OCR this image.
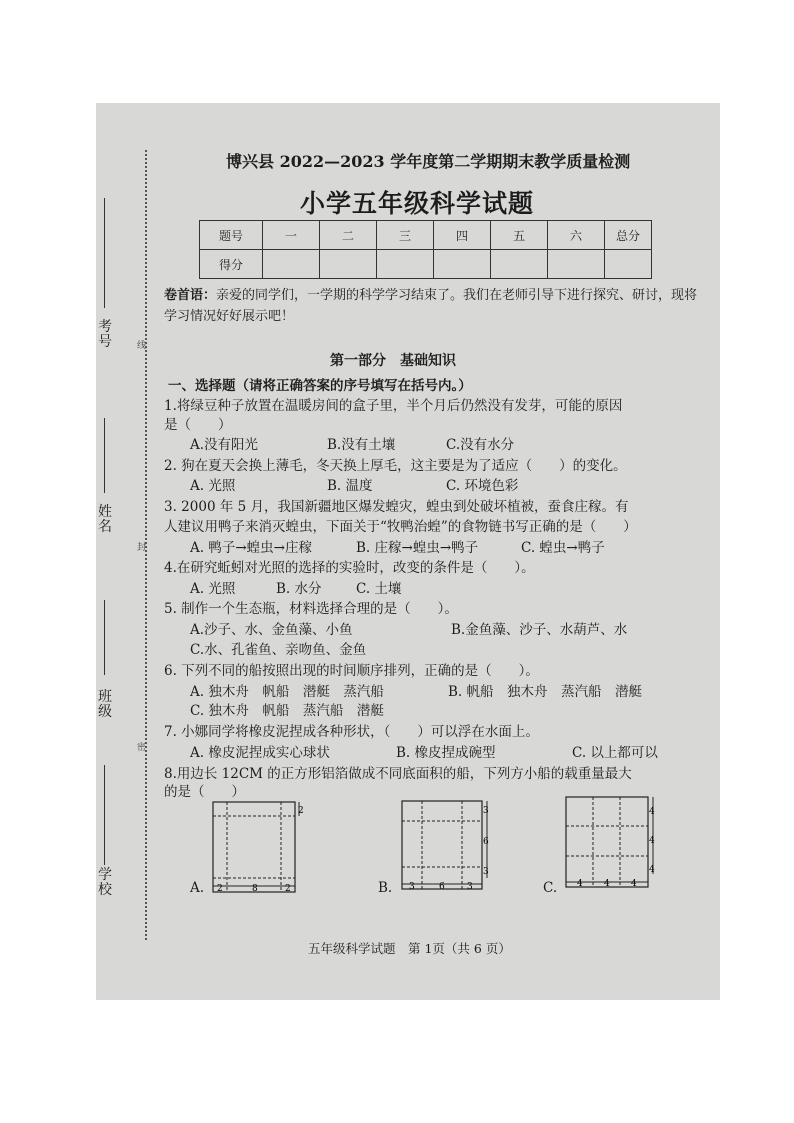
考号
姓名
班级
学校
线
封
密
博兴县 2022—2023 学年度第二学期期末教学质量检测
小学五年级科学试题
题号	一	二	三	四	五	六	总分
得分							
卷首语：亲爱的同学们，一学期的科学学习结束了。我们在老师引导下进行探究、研讨，现将学习情况好好展示吧！
第一部分　基础知识
一、选择题（请将正确答案的序号填写在括号内。）
1.将绿豆种子放置在温暖房间的盒子里，半个月后仍然没有发芽，可能的原因
是（　　）
A.没有阳光	B.没有土壤	C.没有水分
2. 狗在夏天会换上薄毛，冬天换上厚毛，这主要是为了适应（　　）的变化。
A. 光照	B. 温度	C. 环境色彩
3. 2000 年 5 月，我国新疆地区爆发蝗灾，蝗虫到处破坏植被，蚕食庄稼。有
人建议用鸭子来消灭蝗虫，下面关于“牧鸭治蝗”的食物链书写正确的是（　　）
A. 鸭子→蝗虫→庄稼	B. 庄稼→蝗虫→鸭子	C. 蝗虫→鸭子
4.在研究蚯蚓对光照的选择的实验时，改变的条件是（　　）。
A. 光照	B. 水分	C. 土壤
5. 制作一个生态瓶，材料选择合理的是（　　）。
A.沙子、水、金鱼藻、小鱼	B.金鱼藻、沙子、水葫芦、水
C.水、孔雀鱼、亲吻鱼、金鱼
6. 下列不同的船按照出现的时间顺序排列，正确的是（　　）。
A. 独木舟　帆船　潜艇　蒸汽船	B. 帆船　独木舟　蒸汽船　潜艇
C. 独木舟　帆船　蒸汽船　潜艇
7. 小娜同学将橡皮泥捏成各种形状，（　　）可以浮在水面上。
A. 橡皮泥捏成实心球状	B. 橡皮捏成碗型	C. 以上都可以
8.用边长 12CM 的正方形铝箔做成不同底面积的船，下列方小船的载重量最大
的是（　　）
A.	B.	C.
2
2	8	2
3
6
3
3	6 3
4
4
4
4 4 4
五年级科学试题　第 1页（共 6 页）
